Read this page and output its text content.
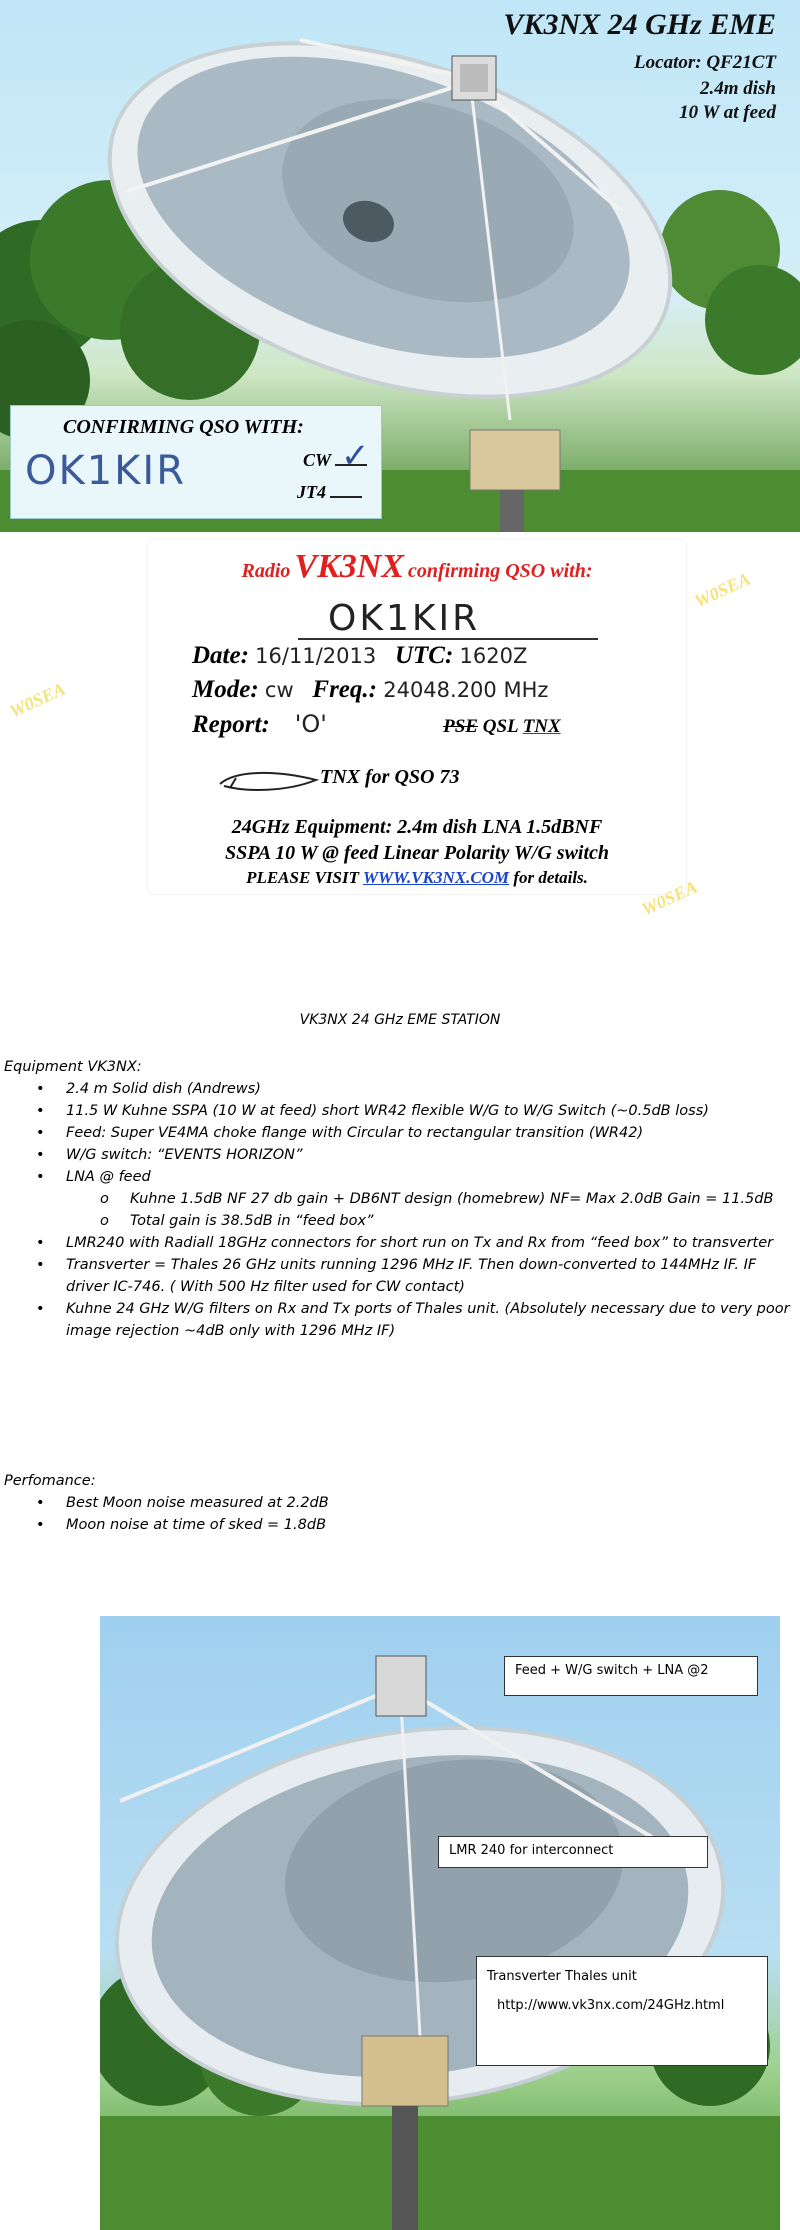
VK3NX 24 GHz EME
Locator: QF21CT
2.4m dish
10 W at feed
CONFIRMING QSO WITH:
OK1KIR	CW ✓
JT4
W0SEA
W0SEA
W0SEA
Radio VK3NX confirming QSO with:
OK1KIR
Date: 16/11/2013 UTC: 1620Z
Mode: cw Freq.: 24048.200 MHz
Report: 'O'	PSE QSL TNX
TNX for QSO 73
24GHz Equipment: 2.4m dish LNA 1.5dBNF
SSPA 10 W @ feed Linear Polarity W/G switch
PLEASE VISIT WWW.VK3NX.COM for details.
VK3NX 24 GHz EME STATION
Equipment VK3NX:
• 2.4 m Solid dish (Andrews)
• 11.5 W Kuhne SSPA (10 W at feed) short WR42 flexible W/G to W/G Switch (~0.5dB loss)
• Feed: Super VE4MA choke flange with Circular to rectangular transition (WR42)
• W/G switch: “EVENTS HORIZON”
• LNA @ feed
o Kuhne 1.5dB NF 27 db gain + DB6NT design (homebrew) NF= Max 2.0dB Gain = 11.5dB
o Total gain is 38.5dB in “feed box”
• LMR240 with Radiall 18GHz connectors for short run on Tx and Rx from “feed box” to transverter
• Transverter = Thales 26 GHz units running 1296 MHz IF. Then down-converted to 144MHz IF. IF driver IC-746. ( With 500 Hz filter used for CW contact)
• Kuhne 24 GHz W/G filters on Rx and Tx ports of Thales unit. (Absolutely necessary due to very poor image rejection ~4dB only with 1296 MHz IF)
Perfomance:
• Best Moon noise measured at 2.2dB
• Moon noise at time of sked = 1.8dB
Feed + W/G switch + LNA @2
LMR 240 for interconnect
Transverter Thales unit
http://www.vk3nx.com/24GHz.html
